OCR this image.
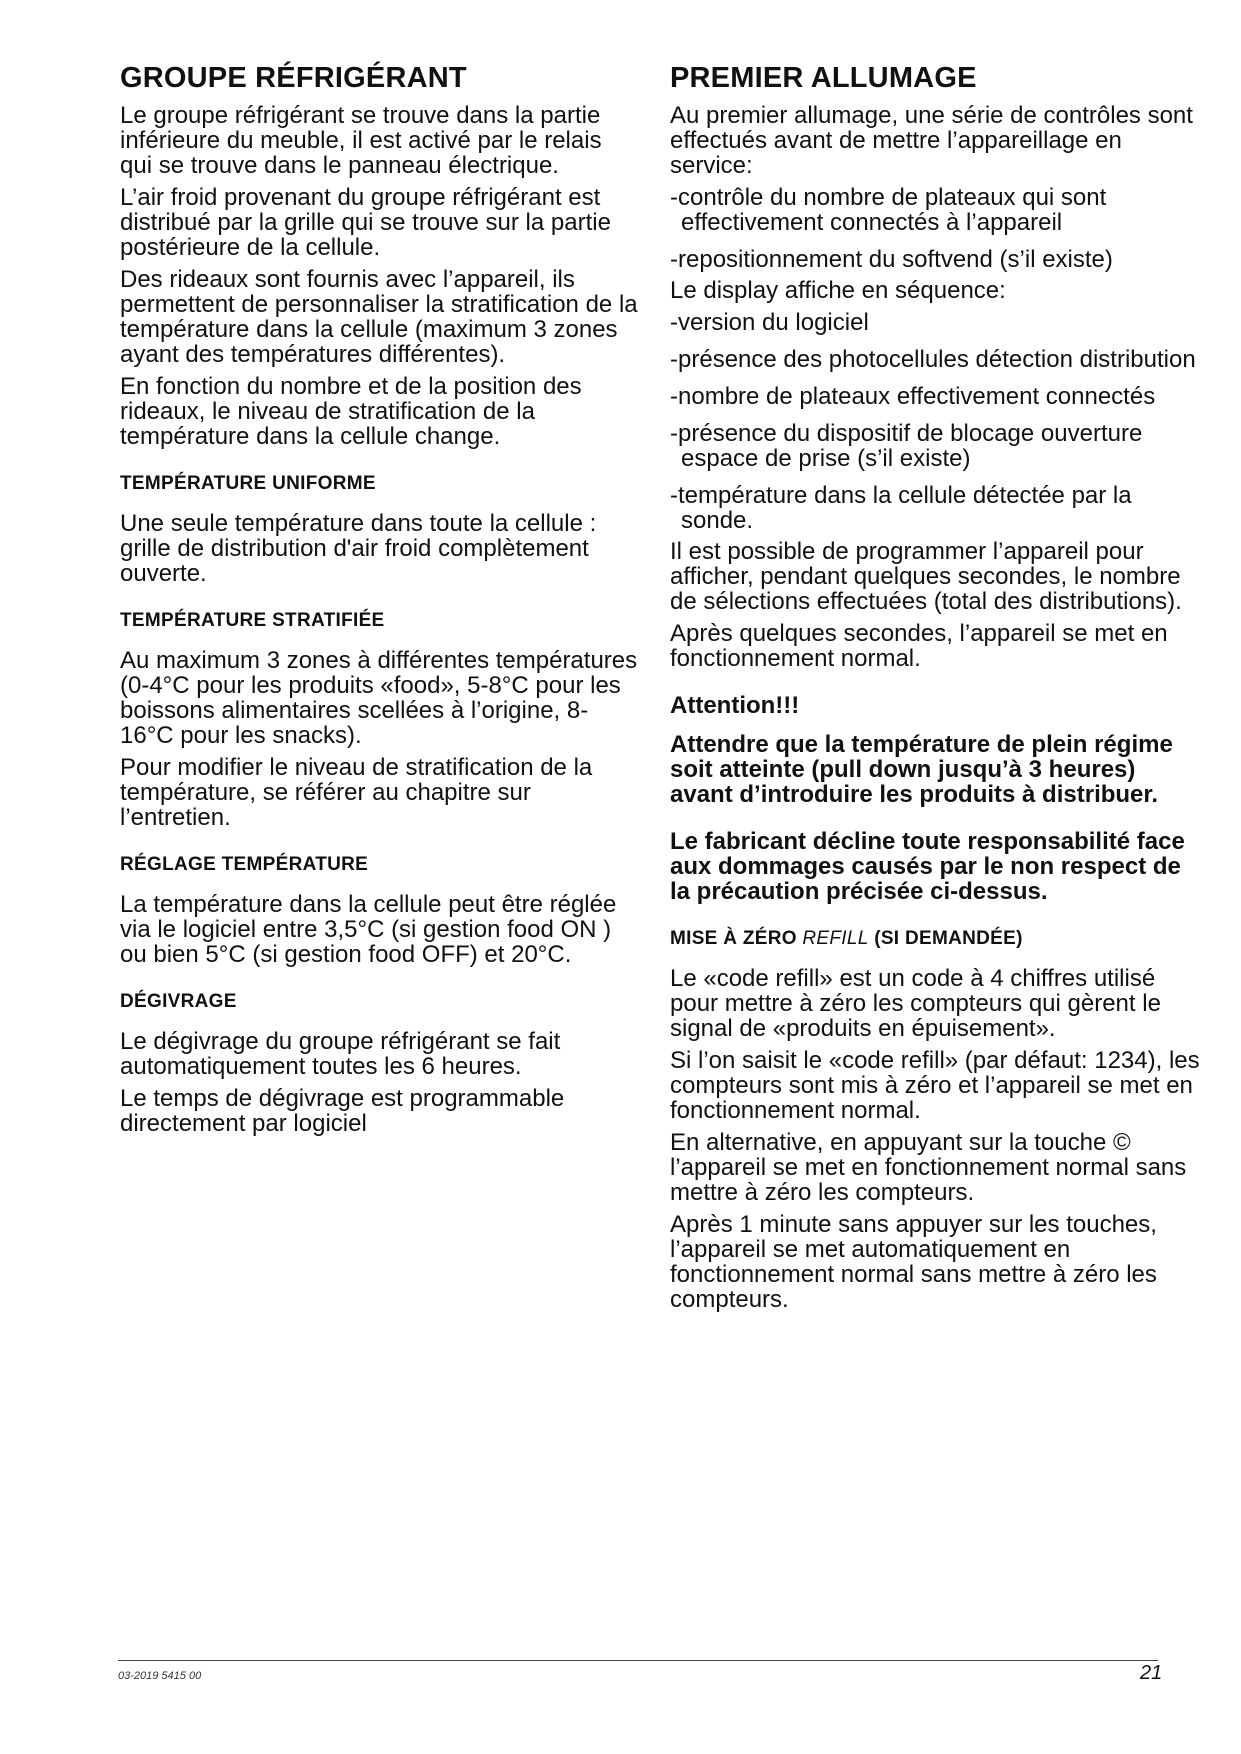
GROUPE RÉFRIGÉRANT

Le groupe réfrigérant se trouve dans la partie inférieure du meuble, il est activé par le relais qui se trouve dans le panneau électrique.

L’air froid provenant du groupe réfrigérant est distribué par la grille qui se trouve sur la partie postérieure de la cellule.

Des rideaux sont fournis avec l’appareil, ils permettent de personnaliser la stratification de la température dans la cellule (maximum 3 zones ayant des températures différentes).

En fonction du nombre et de la position des rideaux, le niveau de stratification de la température dans la cellule change.

TEMPÉRATURE UNIFORME

Une seule température dans toute la cellule : grille de distribution d'air froid complètement ouverte.

TEMPÉRATURE STRATIFIÉE

Au maximum 3 zones à différentes températures (0-4°C pour les produits «food», 5-8°C pour les boissons alimentaires scellées à l’origine, 8-16°C pour les snacks).

Pour modifier le niveau de stratification de la température, se référer au chapitre sur l’entretien.

RÉGLAGE TEMPÉRATURE

La température dans la cellule peut être réglée via le logiciel entre 3,5°C (si gestion food ON ) ou bien 5°C (si gestion food OFF) et 20°C.

DÉGIVRAGE

Le dégivrage du groupe réfrigérant se fait automatiquement toutes les 6 heures.

Le temps de dégivrage est programmable directement par logiciel

PREMIER ALLUMAGE

Au premier allumage, une série de contrôles sont effectués avant de mettre l’appareillage en service:

- contrôle du nombre de plateaux qui sont effectivement connectés à l’appareil
- repositionnement du softvend (s’il existe)

Le display affiche en séquence:

- version du logiciel
- présence des photocellules détection distribution
- nombre de plateaux effectivement connectés
- présence du dispositif de blocage ouverture espace de prise (s’il existe)
- température dans la cellule détectée par la sonde.

Il est possible de programmer l’appareil pour afficher, pendant quelques secondes, le nombre de sélections effectuées (total des distributions).

Après quelques secondes, l’appareil se met en fonctionnement normal.

Attention!!!
Attendre que la température de plein régime soit atteinte (pull down jusqu’à 3 heures) avant d’introduire les produits à distribuer.
Le fabricant décline toute responsabilité face aux dommages causés par le non respect de la précaution précisée ci-dessus.
MISE À ZÉRO REFILL (SI DEMANDÉE)

Le «code refill» est un code à 4 chiffres utilisé pour mettre à zéro les compteurs qui gèrent le signal de «produits en épuisement».

Si l’on saisit le «code refill» (par défaut: 1234), les compteurs sont mis à zéro et l’appareil se met en fonctionnement normal.

En alternative, en appuyant sur la touche © l’appareil se met en fonctionnement normal sans mettre à zéro les compteurs.

Après 1 minute sans appuyer sur les touches, l’appareil se met automatiquement en fonctionnement normal sans mettre à zéro les compteurs.

03-2019 5415 00	21
